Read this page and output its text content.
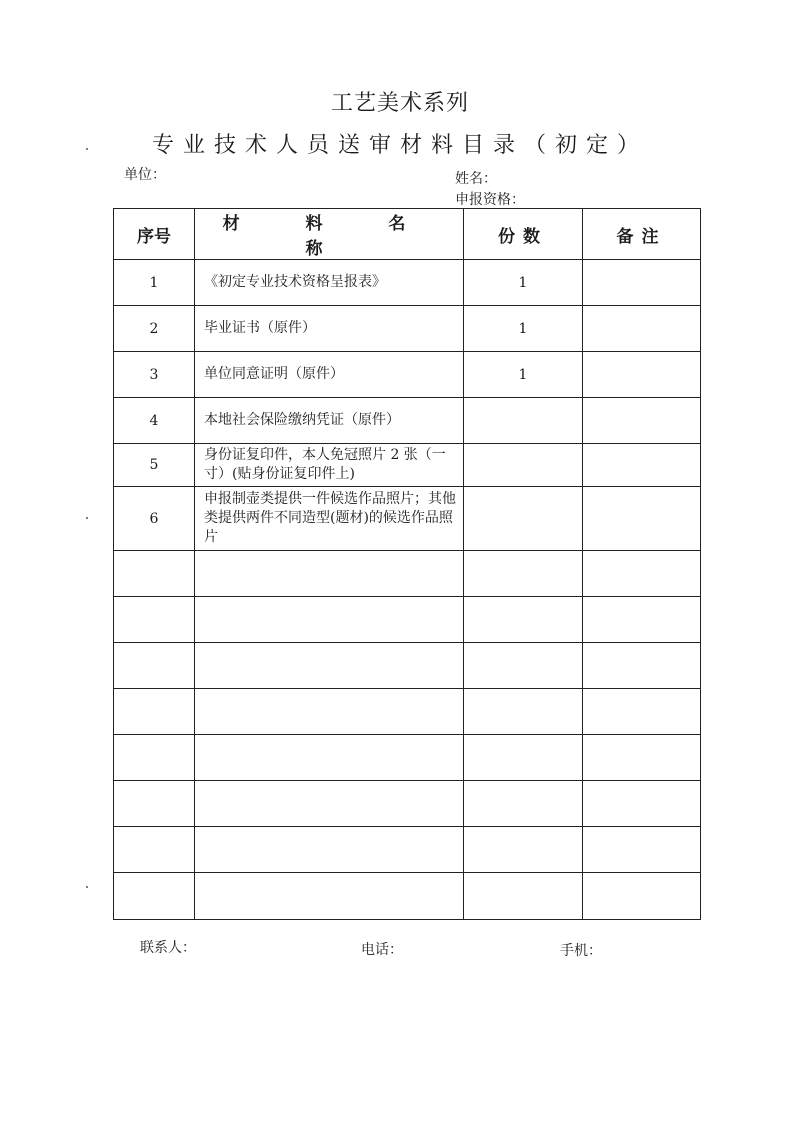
工艺美术系列
专业技术人员送审材料目录（初定）
单位：	姓名：
申报资格：
序号	材 料 名 称	份数	备注
1	《初定专业技术资格呈报表》	1	
2	毕业证书（原件）	1	
3	单位同意证明（原件）	1	
4	本地社会保险缴纳凭证（原件）		
5	身份证复印件，本人免冠照片 2 张（一寸）(贴身份证复印件上)		
6	申报制壶类提供一件候选作品照片；其他类提供两件不同造型(题材)的候选作品照片		

联系人：	电话：	手机：
